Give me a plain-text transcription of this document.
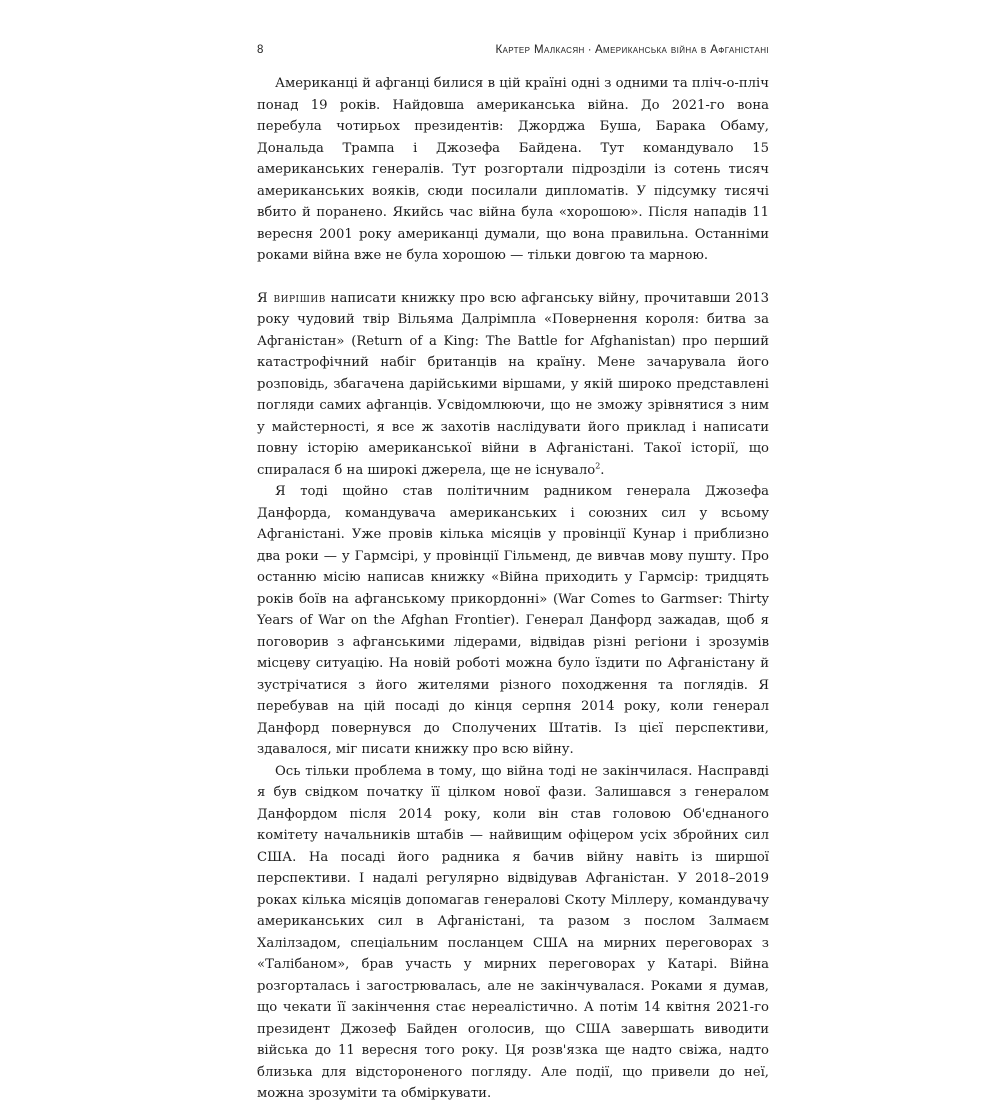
8	Картер Малкасян · Американська війна в Афганістані

Американці й афганці билися в цій країні одні з одними та пліч-о-пліч понад 19 років. Найдовша американська війна. До 2021-го вона перебула чотирьох президентів: Джорджа Буша, Барака Обаму, Дональда Трампа і Джозефа Байдена. Тут командувало 15 американських генералів. Тут розгортали підрозділи із сотень тисяч американських вояків, сюди посилали дипломатів. У підсумку тисячі вбито й поранено. Якийсь час війна була «хорошою». Після нападів 11 вересня 2001 року американці думали, що вона правильна. Останніми роками війна вже не була хорошою — тільки довгою та марною.

Я вирішив написати книжку про всю афганську війну, прочитавши 2013 року чудовий твір Вільяма Далрімпла «Повернення короля: битва за Афганістан» (Return of a King: The Battle for Afghanistan) про перший катастрофічний набіг британців на країну. Мене зачарувала його розповідь, збагачена дарійськими віршами, у якій широко представлені погляди самих афганців. Усвідомлюючи, що не зможу зрівнятися з ним у майстерності, я все ж захотів наслідувати його приклад і написати повну історію американської війни в Афганістані. Такої історії, що спиралася б на широкі джерела, ще не існувало$^2$.

Я тоді щойно став політичним радником генерала Джозефа Данфорда, командувача американських і союзних сил у всьому Афганістані. Уже провів кілька місяців у провінції Кунар і приблизно два роки — у Гармсірі, у провінції Гільменд, де вивчав мову пушту. Про останню місію написав книжку «Війна приходить у Гармсір: тридцять років боїв на афганському прикордонні» (War Comes to Garmser: Thirty Years of War on the Afghan Frontier). Генерал Данфорд зажадав, щоб я поговорив з афганськими лідерами, відвідав різні регіони і зрозумів місцеву ситуацію. На новій роботі можна було їздити по Афганістану й зустрічатися з його жителями різного походження та поглядів. Я перебував на цій посаді до кінця серпня 2014 року, коли генерал Данфорд повернувся до Сполучених Штатів. Із цієї перспективи, здавалося, міг писати книжку про всю війну.

Ось тільки проблема в тому, що війна тоді не закінчилася. Насправді я був свідком початку її цілком нової фази. Залишався з генералом Данфордом після 2014 року, коли він став головою Об'єднаного комітету начальників штабів — найвищим офіцером усіх збройних сил США. На посаді його радника я бачив війну навіть із ширшої перспективи. І надалі регулярно відвідував Афганістан. У 2018–2019 роках кілька місяців допомагав генералові Скоту Міллеру, командувачу американських сил в Афганістані, та разом з послом Залмаєм Халілзадом, спеціальним посланцем США на мирних переговорах з «Талібаном», брав участь у мирних переговорах у Катарі. Війна розгорталась і загострювалась, але не закінчувалася. Роками я думав, що чекати її закінчення стає нереалістично. А потім 14 квітня 2021-го президент Джозеф Байден оголосив, що США завершать виводити війська до 11 вересня того року. Ця розв'язка ще надто свіжа, надто близька для відстороненого погляду. Але події, що привели до неї, можна зрозуміти та обміркувати.
